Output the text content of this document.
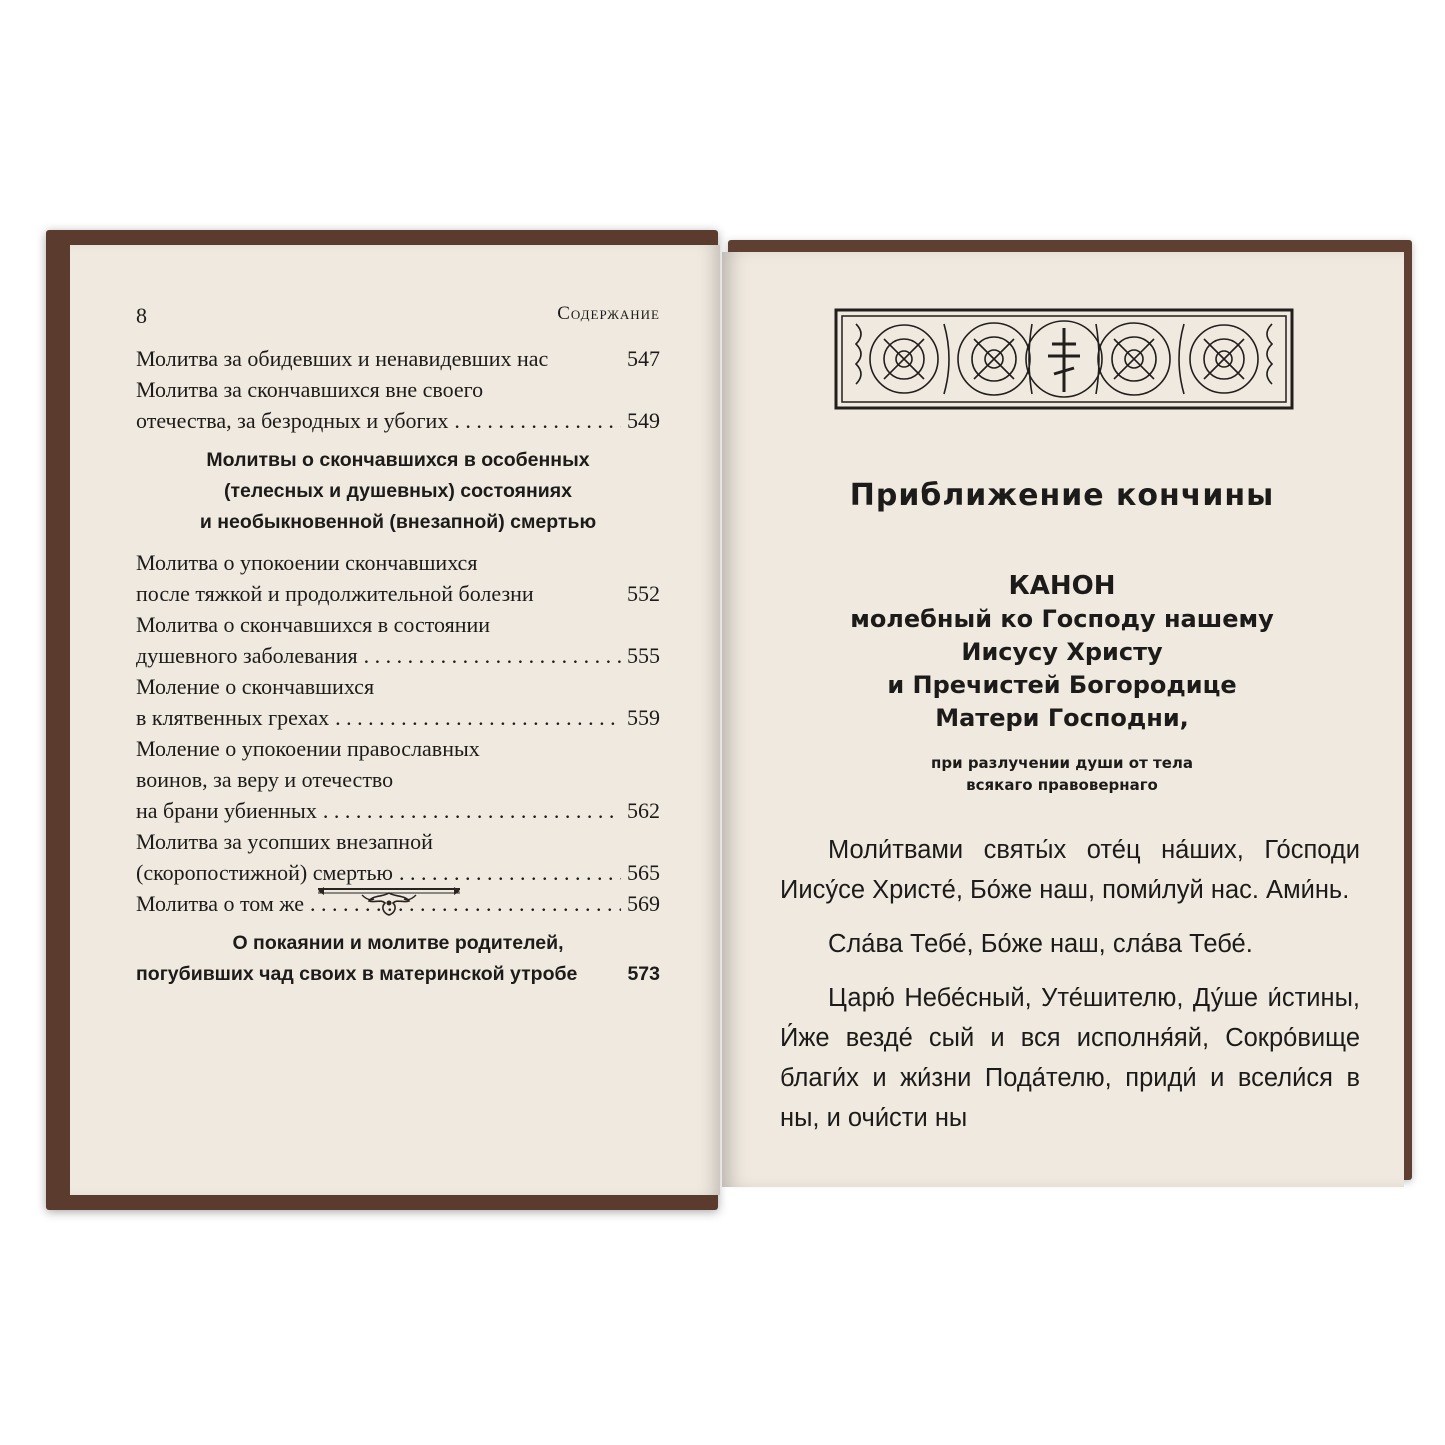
8	Содержание
Молитва за обидевших и ненавидевших нас	547
Молитва за скончавшихся вне своего
отечества, за безродных и убогих . . .	549
Молитвы о скончавшихся в особенных
(телесных и душевных) состояниях
и необыкновенной (внезапной) смертью
Молитва о упокоении скончавшихся
после тяжкой и продолжительной болезни	552
Молитва о скончавшихся в состоянии
душевного заболевания . . .	555
Моление о скончавшихся
в клятвенных грехах . . .	559
Моление о упокоении православных
воинов, за веру и отечество
на брани убиенных . . .	562
Молитва за усопших внезапной
(скоропостижной) смертью . . .	565
Молитва о том же . . .	569
О покаянии и молитве родителей,
погубивших чад своих в материнской утробе	573
Приближение кончины
КАНОН
молебный ко Господу нашему
Иисусу Христу
и Пречистей Богородице
Матери Господни,
при разлучении души от тела
всякаго правовернаго

Моли́твами святы́х оте́ц на́ших, Го́споди Иису́се Христе́, Бо́же наш, поми́луй нас. Ами́нь.

Сла́ва Тебе́, Бо́же наш, сла́ва Тебе́.

Царю́ Небе́сный, Уте́шителю, Ду́ше и́стины, И́же везде́ сый и вся исполня́яй, Сокро́вище благи́х и жи́зни Пода́телю, приди́ и всели́ся в ны, и очи́сти ны
